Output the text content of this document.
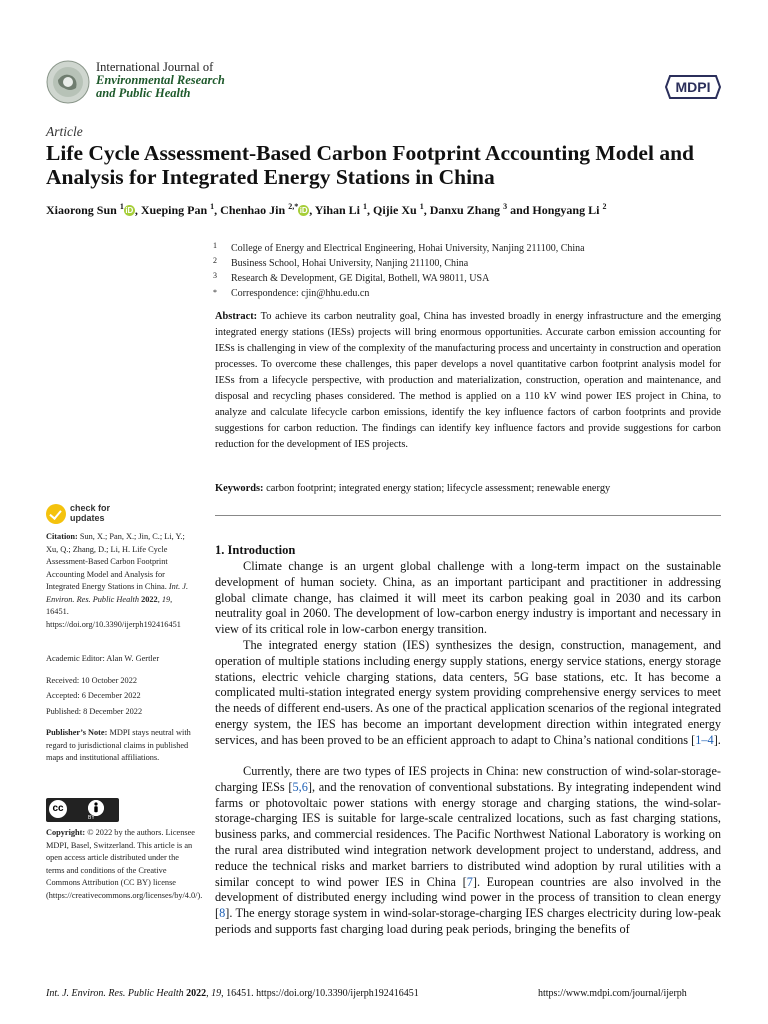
International Journal of
Environmental Research
and Public Health	MDPI
Article
Life Cycle Assessment-Based Carbon Footprint Accounting Model and Analysis for Integrated Energy Stations in China
Xiaorong Sun $^1$ iD , Xueping Pan $^1$, Chenhao Jin $^{2,*}$ iD , Yihan Li $^1$, Qijie Xu $^1$, Danxu Zhang $^3$ and Hongyang Li $^2$
1 College of Energy and Electrical Engineering, Hohai University, Nanjing 211100, China
2 Business School, Hohai University, Nanjing 211100, China
3 Research & Development, GE Digital, Bothell, WA 98011, USA
* Correspondence: cjin@hhu.edu.cn
Abstract: To achieve its carbon neutrality goal, China has invested broadly in energy infrastructure and the emerging integrated energy stations (IESs) projects will bring enormous opportunities. Accurate carbon emission accounting for IESs is challenging in view of the complexity of the manufacturing process and uncertainty in construction and operation processes. To overcome these challenges, this paper develops a novel quantitative carbon footprint analysis model for IESs from a lifecycle perspective, with production and materialization, construction, operation and maintenance, and disposal and recycling phases considered. The method is applied on a 110 kV wind power IES project in China, to analyze and calculate lifecycle carbon emissions, identify the key influence factors of carbon footprints and provide suggestions for carbon reduction. The findings can identify key influence factors and provide suggestions for carbon reduction for the development of IES projects.
Keywords: carbon footprint; integrated energy station; lifecycle assessment; renewable energy
check for
updates
Citation: Sun, X.; Pan, X.; Jin, C.; Li, Y.; Xu, Q.; Zhang, D.; Li, H. Life Cycle Assessment-Based Carbon Footprint Accounting Model and Analysis for Integrated Energy Stations in China. Int. J. Environ. Res. Public Health 2022, 19, 16451. https://doi.org/10.3390/ijerph192416451
Academic Editor: Alan W. Gertler
Received: 10 October 2022
Accepted: 6 December 2022
Published: 8 December 2022
Publisher’s Note: MDPI stays neutral with regard to jurisdictional claims in published maps and institutional affiliations.
cc
BY
Copyright: © 2022 by the authors. Licensee MDPI, Basel, Switzerland. This article is an open access article distributed under the terms and conditions of the Creative Commons Attribution (CC BY) license (https://creativecommons.org/licenses/by/4.0/).
1. Introduction
Climate change is an urgent global challenge with a long-term impact on the sustainable development of human society. China, as an important participant and practitioner in addressing global climate change, has claimed it will meet its carbon peaking goal in 2030 and its carbon neutrality goal in 2060. The development of low-carbon energy industry is important and necessary in view of its critical role in low-carbon energy transition.
The integrated energy station (IES) synthesizes the design, construction, management, and operation of multiple stations including energy supply stations, energy service stations, energy storage stations, electric vehicle charging stations, data centers, 5G base stations, etc. It has become a complicated multi-station integrated energy system providing comprehensive energy services to meet the needs of different end-users. As one of the practical application scenarios of the regional integrated energy system, the IES has become an important development direction within integrated energy services, and has been proved to be an efficient approach to adapt to China’s national conditions [1–4].
Currently, there are two types of IES projects in China: new construction of wind-solar-storage-charging IESs [5,6], and the renovation of conventional substations. By integrating independent wind farms or photovoltaic power stations with energy storage and charging stations, the wind-solar-storage-charging IES is suitable for large-scale centralized locations, such as fast charging stations, business parks, and commercial residences. The Pacific Northwest National Laboratory is working on the rural area distributed wind integration network development project to understand, address, and reduce the technical risks and market barriers to distributed wind adoption by rural utilities with a similar concept to wind power IES in China [7]. European countries are also involved in the development of distributed energy including wind power in the process of transition to clean energy [8]. The energy storage system in wind-solar-storage-charging IES charges electricity during low-peak periods and supports fast charging load during peak periods, bringing the benefits of
Int. J. Environ. Res. Public Health 2022, 19, 16451. https://doi.org/10.3390/ijerph192416451	https://www.mdpi.com/journal/ijerph
